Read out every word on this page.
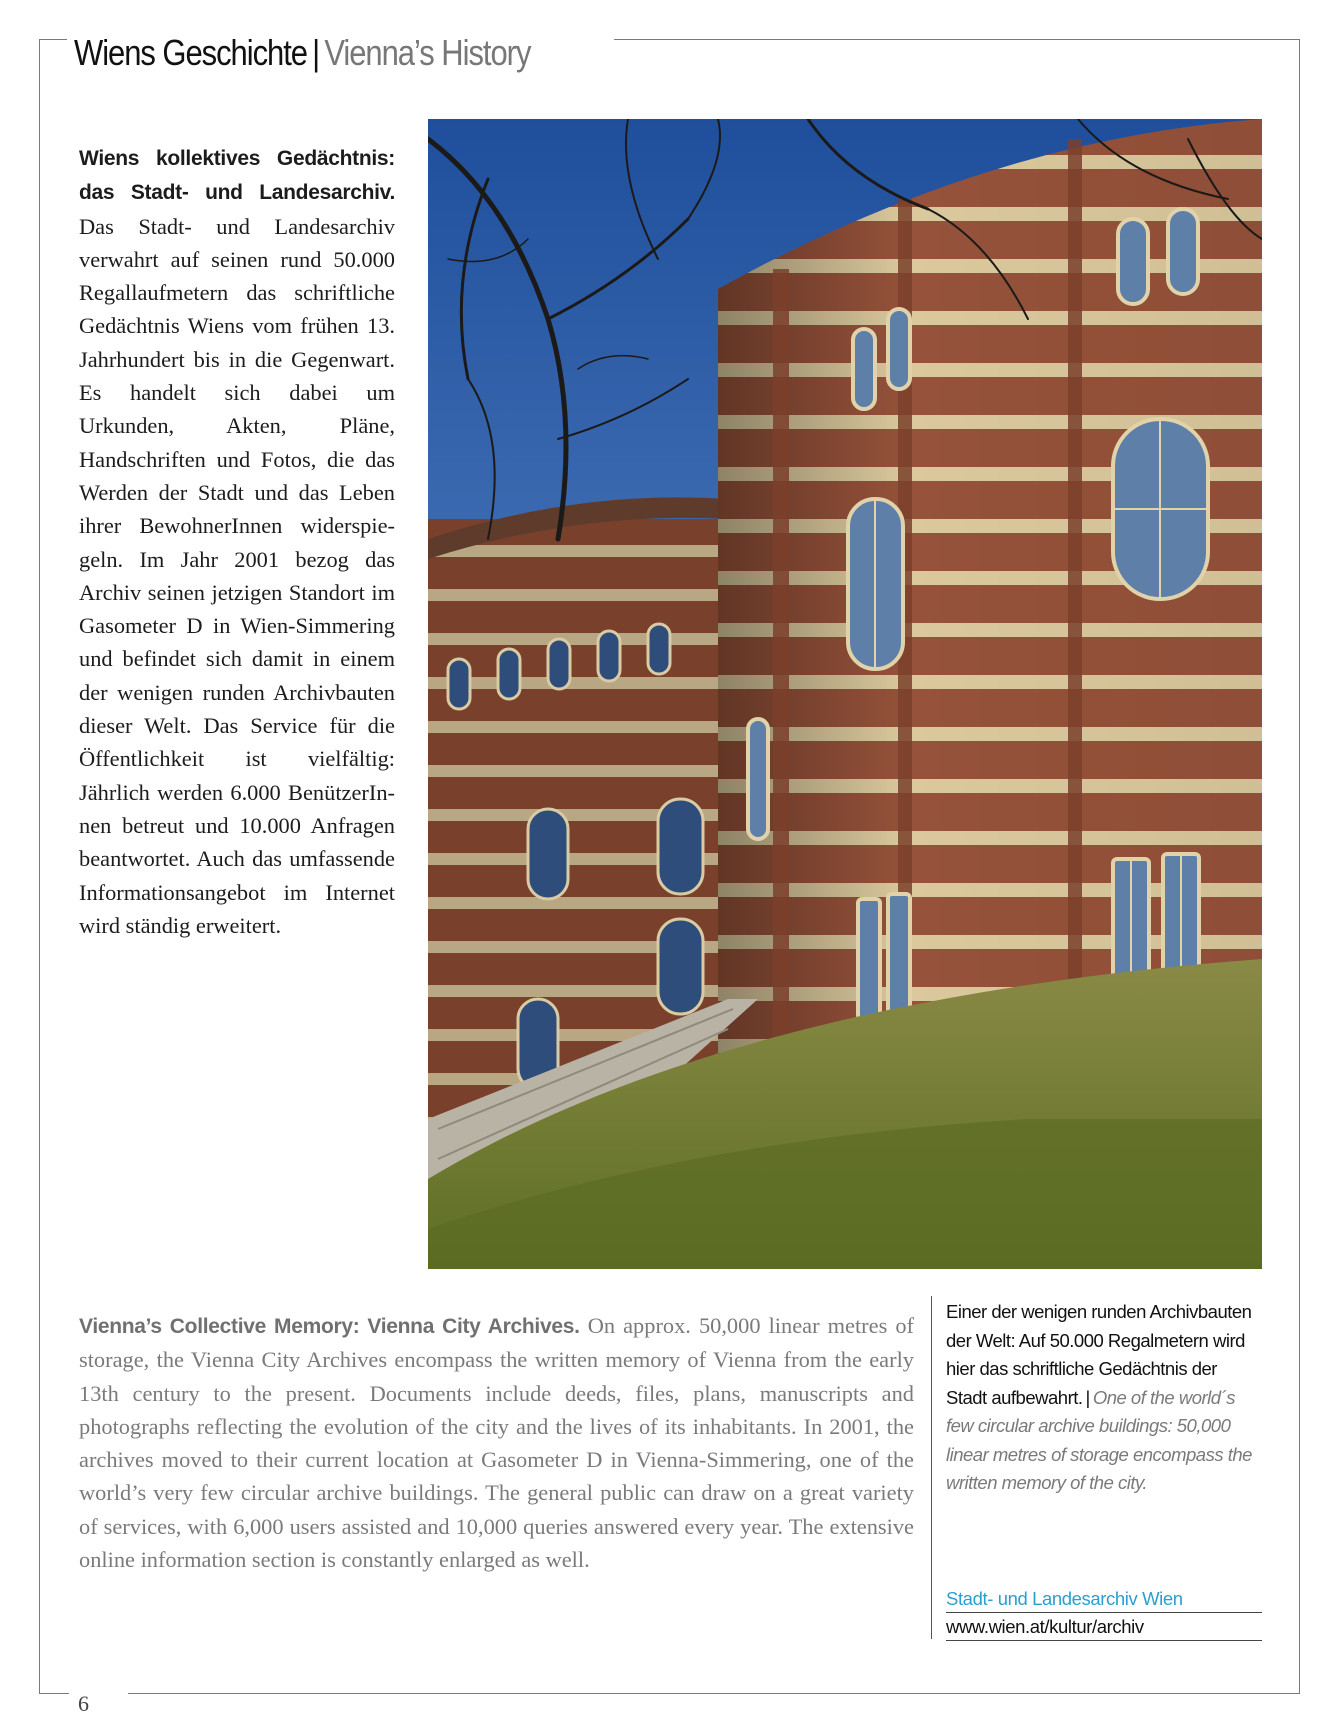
Wiens Geschichte | Vienna’s History
Wiens kollektives Gedächtnis: das Stadt- und Landesarchiv. Das Stadt- und Landesarchiv verwahrt auf seinen rund 50.000 Regallaufmetern das schriftliche Gedächtnis Wiens vom frühen 13. Jahrhundert bis in die Gegenwart. Es handelt sich dabei um Urkunden, Akten, Pläne, Handschriften und Fotos, die das Werden der Stadt und das Leben ihrer BewohnerInnen widerspiegeln. Im Jahr 2001 bezog das Archiv seinen jetzigen Standort im Gasometer D in Wien-Simmering und befindet sich damit in einem der wenigen runden Archivbauten dieser Welt. Das Service für die Öffentlichkeit ist vielfältig: Jährlich werden 6.000 BenützerInnen betreut und 10.000 Anfragen beantwortet. Auch das umfassende Informationsangebot im Internet wird ständig erweitert.
Vienna’s Collective Memory: Vienna City Archives. On approx. 50,000 linear metres of storage, the Vienna City Archives encompass the written memory of Vienna from the early 13th century to the present. Documents include deeds, files, plans, manuscripts and photographs reflecting the evolution of the city and the lives of its inhabitants. In 2001, the archives moved to their current location at Gasometer D in Vienna-Simmering, one of the world’s very few circular archive buildings. The general public can draw on a great variety of services, with 6,000 users assisted and 10,000 queries answered every year. The extensive online information section is constantly enlarged as well.
Einer der wenigen runden Archivbauten der Welt: Auf 50.000 Regalmetern wird hier das schriftliche Gedächtnis der Stadt aufbewahrt. | One of the world´s few circular archive buildings: 50,000 linear metres of storage encompass the written memory of the city.
Stadt- und Landesarchiv Wien
www.wien.at/kultur/archiv
6
